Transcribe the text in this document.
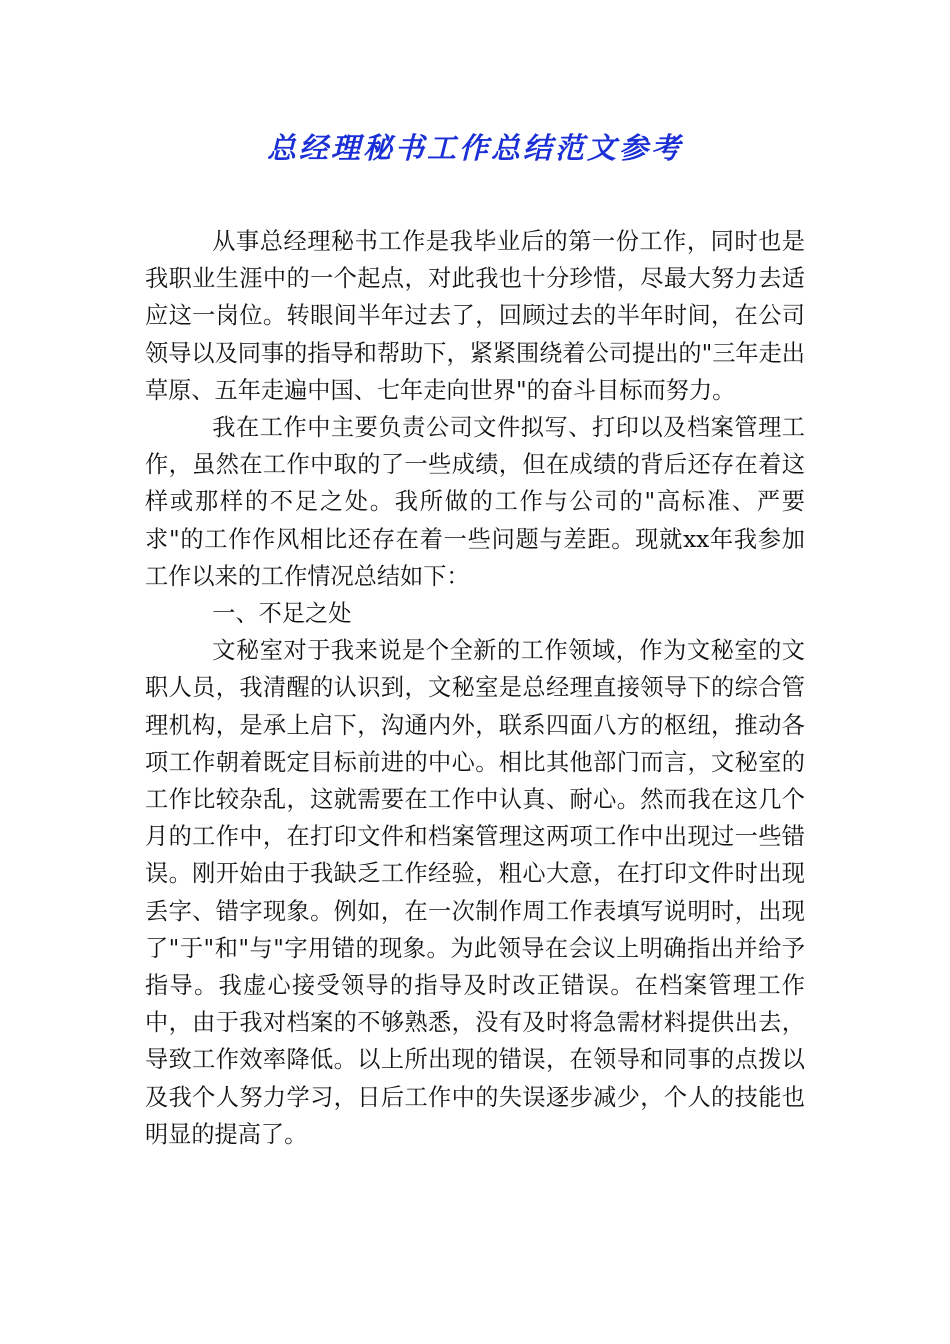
总经理秘书工作总结范文参考

从事总经理秘书工作是我毕业后的第一份工作，同时也是我职业生涯中的一个起点，对此我也十分珍惜，尽最大努力去适应这一岗位。转眼间半年过去了，回顾过去的半年时间，在公司领导以及同事的指导和帮助下，紧紧围绕着公司提出的"三年走出草原、五年走遍中国、七年走向世界"的奋斗目标而努力。

我在工作中主要负责公司文件拟写、打印以及档案管理工作，虽然在工作中取的了一些成绩，但在成绩的背后还存在着这样或那样的不足之处。我所做的工作与公司的"高标准、严要求"的工作作风相比还存在着一些问题与差距。现就xx年我参加工作以来的工作情况总结如下：

一、不足之处

文秘室对于我来说是个全新的工作领域，作为文秘室的文职人员，我清醒的认识到，文秘室是总经理直接领导下的综合管理机构，是承上启下，沟通内外，联系四面八方的枢纽，推动各项工作朝着既定目标前进的中心。相比其他部门而言，文秘室的工作比较杂乱，这就需要在工作中认真、耐心。然而我在这几个月的工作中，在打印文件和档案管理这两项工作中出现过一些错误。刚开始由于我缺乏工作经验，粗心大意，在打印文件时出现丢字、错字现象。例如，在一次制作周工作表填写说明时，出现了"于"和"与"字用错的现象。为此领导在会议上明确指出并给予指导。我虚心接受领导的指导及时改正错误。在档案管理工作中，由于我对档案的不够熟悉，没有及时将急需材料提供出去，导致工作效率降低。以上所出现的错误，在领导和同事的点拨以及我个人努力学习，日后工作中的失误逐步减少，个人的技能也明显的提高了。
